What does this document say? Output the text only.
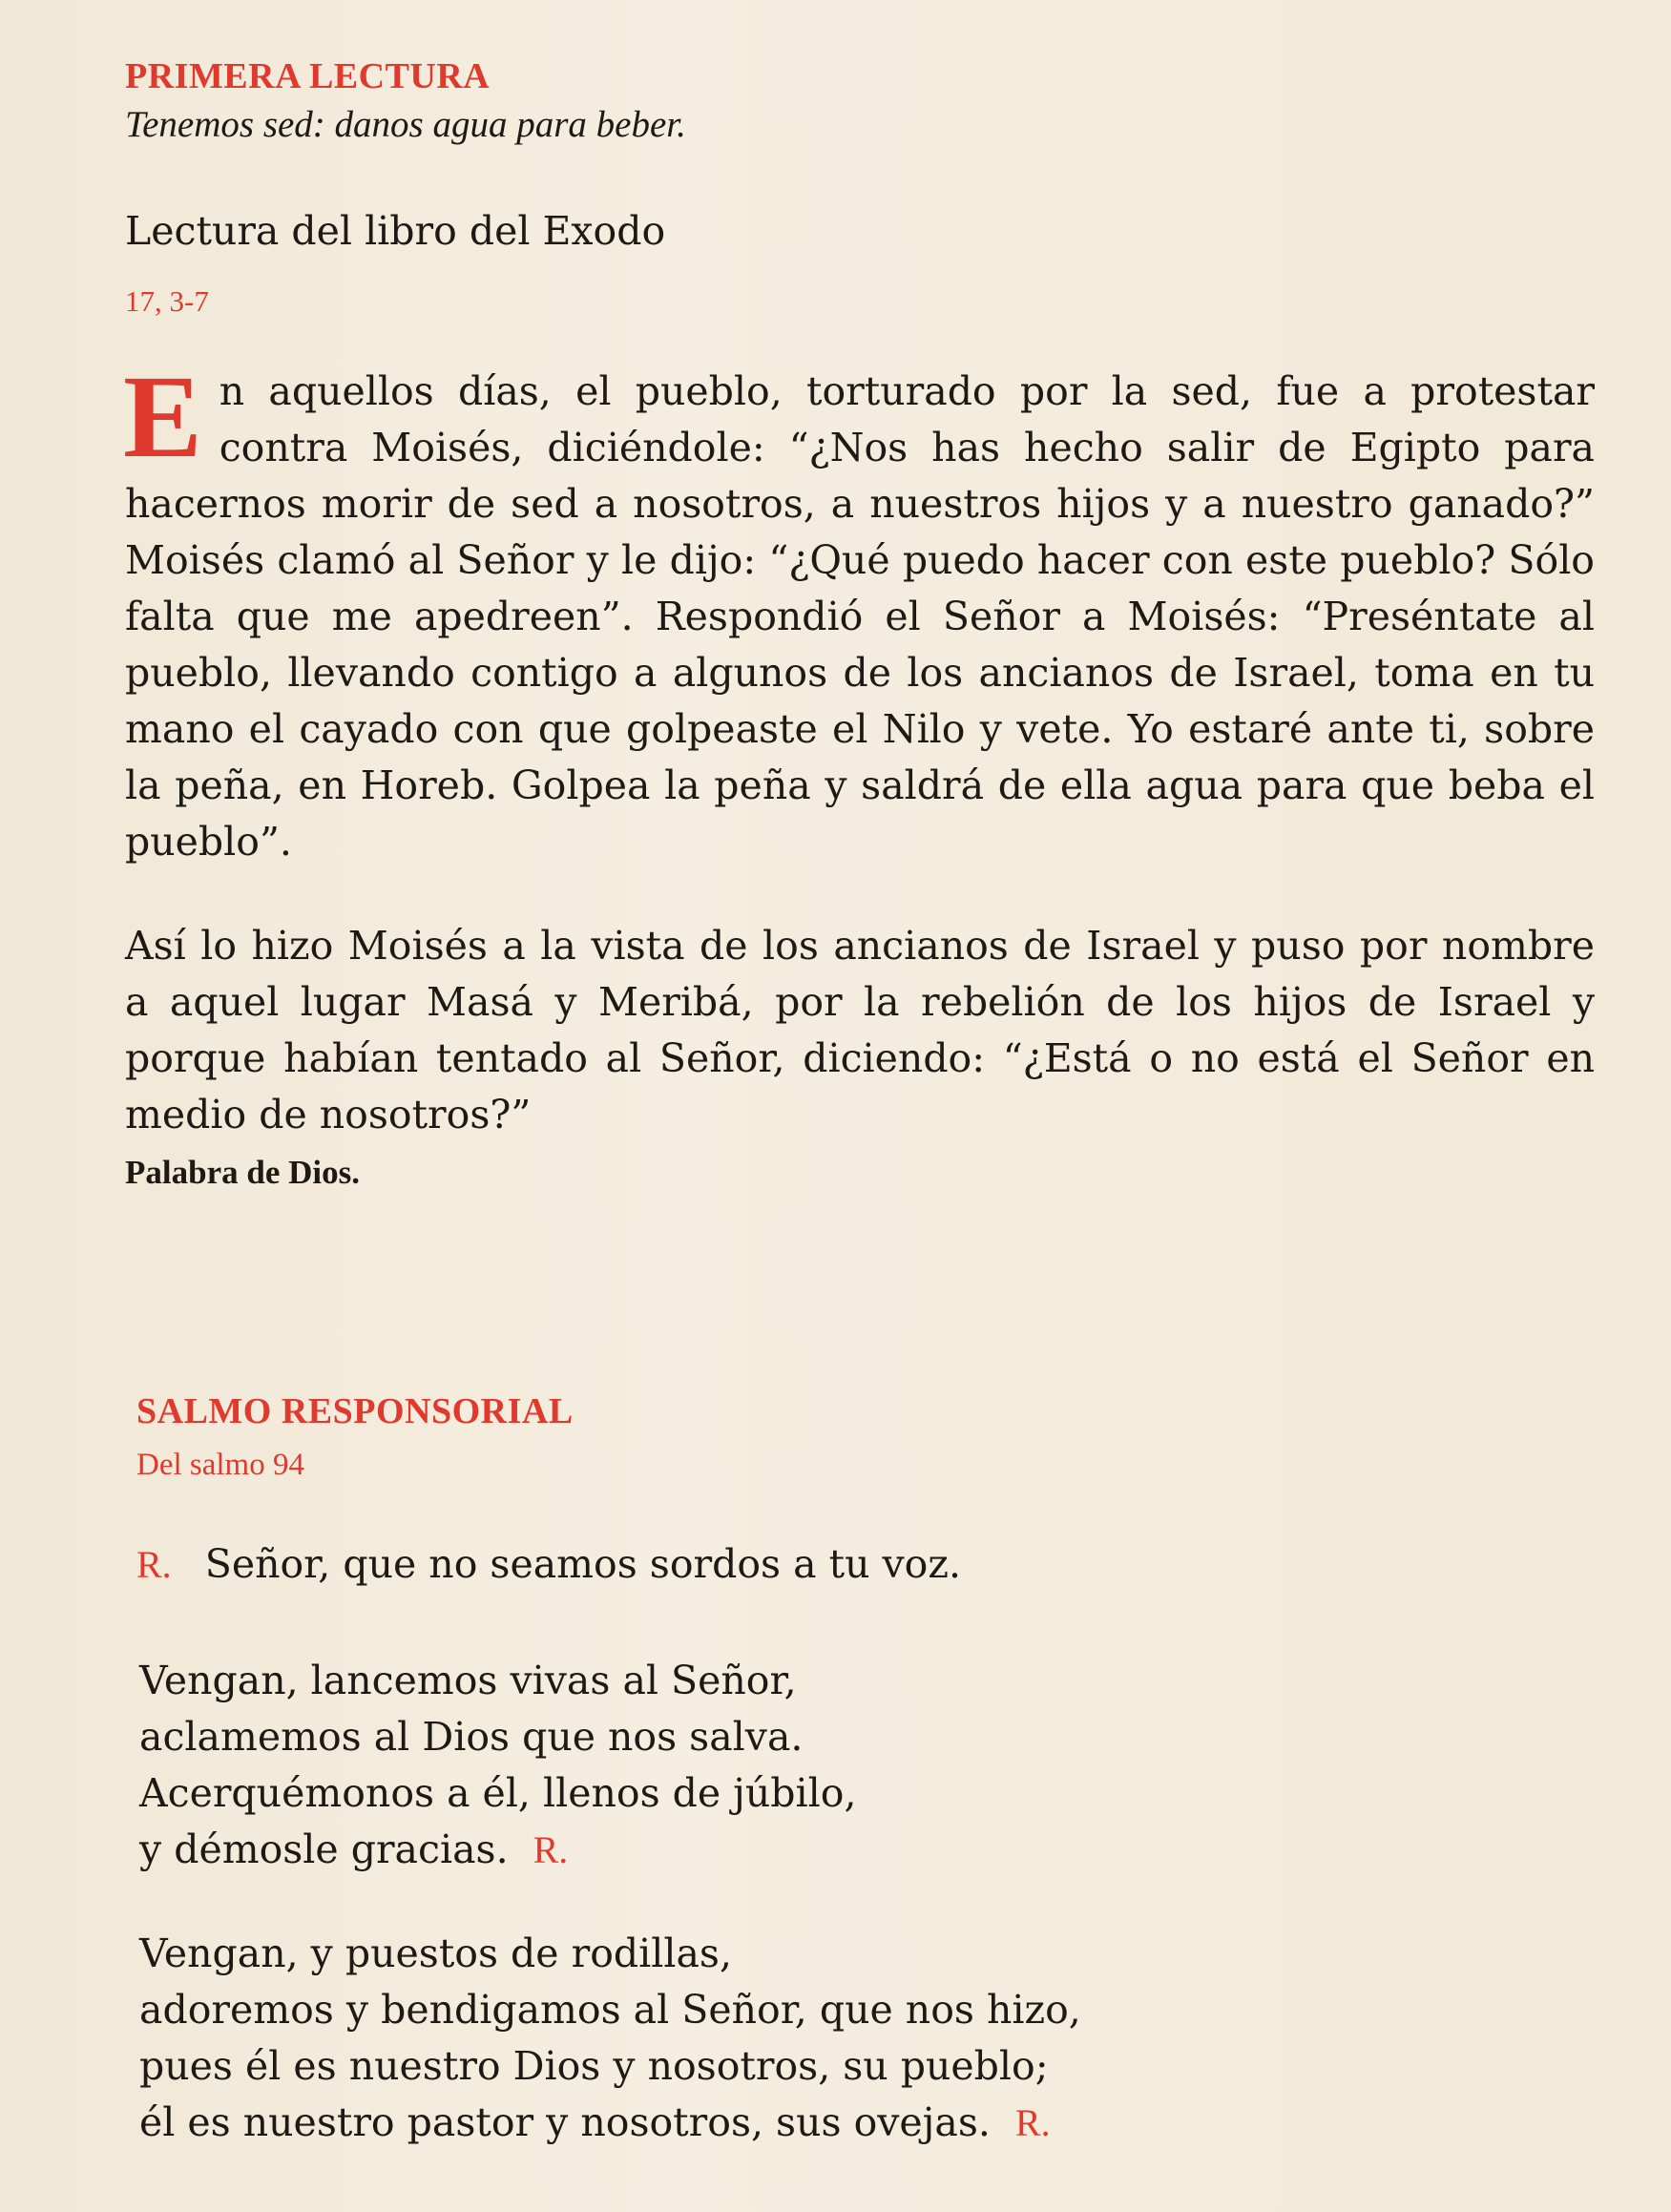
PRIMERA LECTURA
Tenemos sed: danos agua para beber.
Lectura del libro del Exodo
17, 3-7
En aquellos días, el pueblo, torturado por la sed, fue a protestar contra Moisés, diciéndole: “¿Nos has hecho salir de Egipto para hacernos morir de sed a nosotros, a nuestros hijos y a nuestro ganado?” Moisés clamó al Señor y le dijo: “¿Qué puedo hacer con este pueblo? Sólo falta que me apedreen”. Respondió el Señor a Moisés: “Preséntate al pueblo, llevando contigo a algunos de los ancianos de Israel, toma en tu mano el cayado con que golpeaste el Nilo y vete. Yo estaré ante ti, sobre la peña, en Horeb. Golpea la peña y saldrá de ella agua para que beba el pueblo”.
Así lo hizo Moisés a la vista de los ancianos de Israel y puso por nombre a aquel lugar Masá y Meribá, por la rebelión de los hijos de Israel y porque habían tentado al Señor, diciendo: “¿Está o no está el Señor en medio de nosotros?”
Palabra de Dios.
SALMO RESPONSORIAL
Del salmo 94
R. Señor, que no seamos sordos a tu voz.
Vengan, lancemos vivas al Señor,
aclamemos al Dios que nos salva.
Acerquémonos a él, llenos de júbilo,
y démosle gracias. R.
Vengan, y puestos de rodillas,
adoremos y bendigamos al Señor, que nos hizo,
pues él es nuestro Dios y nosotros, su pueblo;
él es nuestro pastor y nosotros, sus ovejas. R.
